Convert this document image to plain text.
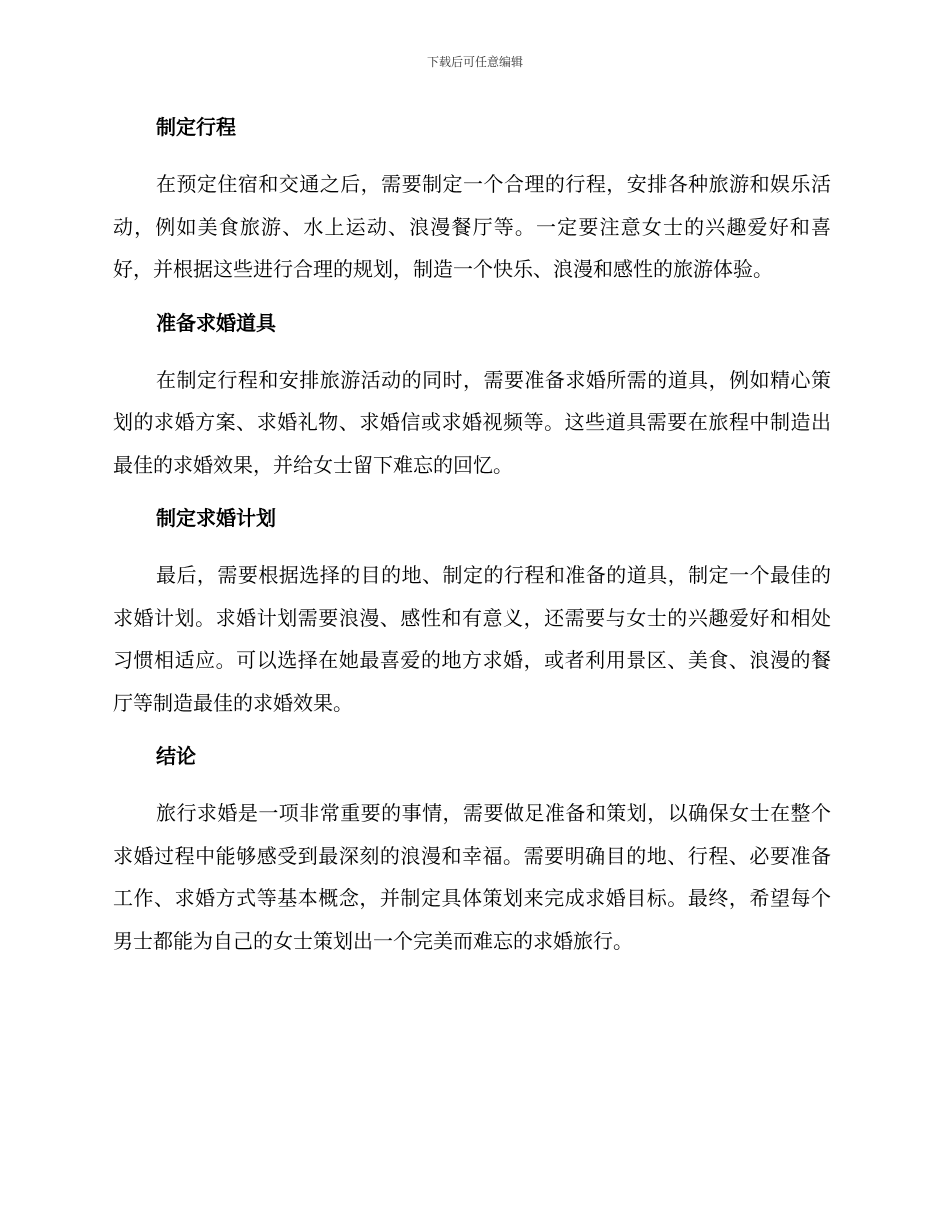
下载后可任意编辑
制定行程

在预定住宿和交通之后，需要制定一个合理的行程，安排各种旅游和娱乐活动，例如美食旅游、水上运动、浪漫餐厅等。一定要注意女士的兴趣爱好和喜好，并根据这些进行合理的规划，制造一个快乐、浪漫和感性的旅游体验。

准备求婚道具

在制定行程和安排旅游活动的同时，需要准备求婚所需的道具，例如精心策划的求婚方案、求婚礼物、求婚信或求婚视频等。这些道具需要在旅程中制造出最佳的求婚效果，并给女士留下难忘的回忆。

制定求婚计划

最后，需要根据选择的目的地、制定的行程和准备的道具，制定一个最佳的求婚计划。求婚计划需要浪漫、感性和有意义，还需要与女士的兴趣爱好和相处习惯相适应。可以选择在她最喜爱的地方求婚，或者利用景区、美食、浪漫的餐厅等制造最佳的求婚效果。

结论

旅行求婚是一项非常重要的事情，需要做足准备和策划，以确保女士在整个求婚过程中能够感受到最深刻的浪漫和幸福。需要明确目的地、行程、必要准备工作、求婚方式等基本概念，并制定具体策划来完成求婚目标。最终，希望每个男士都能为自己的女士策划出一个完美而难忘的求婚旅行。
